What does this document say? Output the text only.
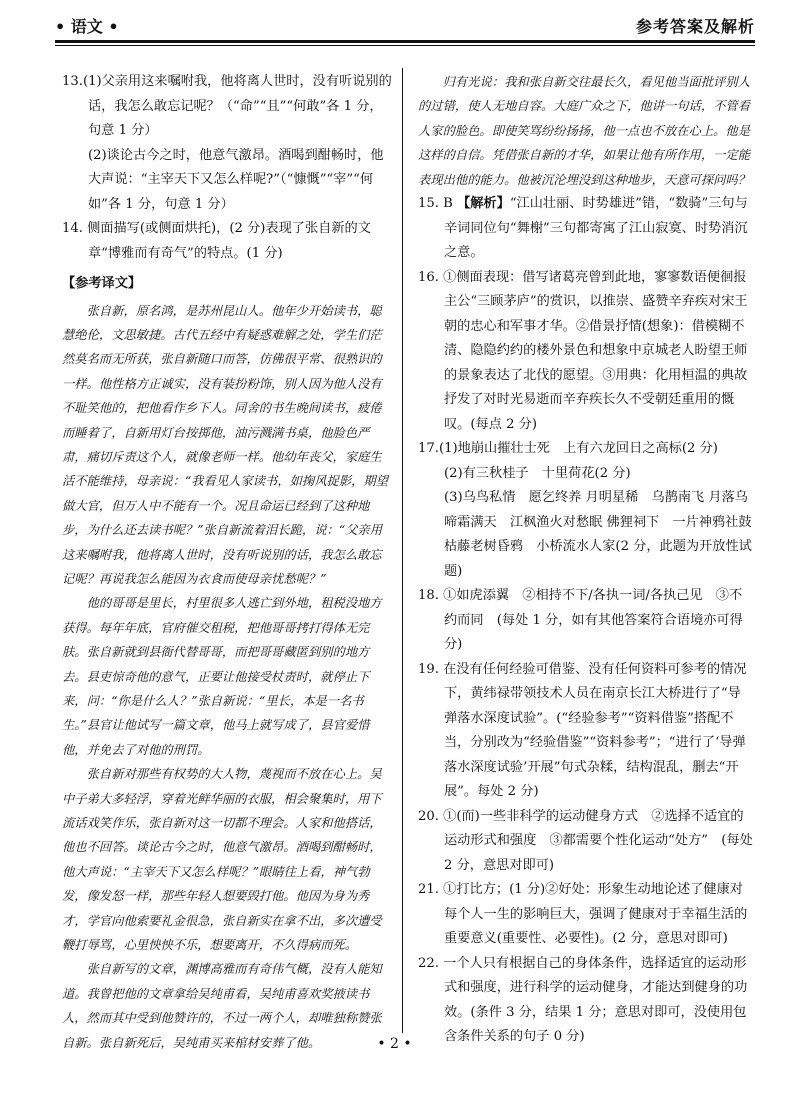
• 语文 •	参考答案及解析

13.(1)父亲用这来嘱咐我，他将离人世时，没有听说别的话，我怎么敢忘记呢？（“命”“且”“何敢”各 1 分，句意 1 分）

(2)谈论古今之时，他意气激昂。酒喝到酣畅时，他大声说：“主宰天下又怎么样呢?”（“慷慨”“宰”“何如”各 1 分，句意 1 分）

14. 侧面描写(或侧面烘托)，(2 分)表现了张自新的文章“博雅而有奇气”的特点。(1 分)

【参考译文】

张自新，原名鸿，是苏州昆山人。他年少开始读书，聪慧绝伦，文思敏捷。古代五经中有疑惑难解之处，学生们茫然莫名而无所获，张自新随口而答，仿佛很平常、很熟识的一样。他性格方正诚实，没有装扮粉饰，别人因为他人没有不耻笑他的，把他看作乡下人。同舍的书生晚间读书，疲倦而睡着了，自新用灯台按掷他，油污溅满书桌，他脸色严肃，痛切斥责这个人，就像老师一样。他幼年丧父，家庭生活不能维持，母亲说：“我看见人家读书，如掬风捉影，期望做大官，但万人中不能有一个。况且命运已经到了这种地步，为什么还去读书呢？”张自新流着泪长跪，说：“父亲用这来嘱咐我，他将离人世时，没有听说别的话，我怎么敢忘记呢？再说我怎么能因为衣食而使母亲忧愁呢？”

他的哥哥是里长，村里很多人逃亡到外地，租税没地方获得。每年年底，官府催交租税，把他哥哥拷打得体无完肤。张自新就到县衙代替哥哥，而把哥哥藏匿到别的地方去。县吏惊奇他的意气，正要让他接受杖责时，就停止下来，问：“你是什么人？”张自新说：“里长，本是一名书生。”县官让他试写一篇文章，他马上就写成了，县官爱惜他，并免去了对他的刑罚。

张自新对那些有权势的大人物，蔑视而不放在心上。吴中子弟大多轻浮，穿着光鲜华丽的衣服，相会聚集时，用下流话戏笑作乐，张自新对这一切都不理会。人家和他搭话，他也不回答。谈论古今之时，他意气激昂。酒喝到酣畅时，他大声说：“主宰天下又怎么样呢？”眼睛往上看，神气勃发，像发怒一样，那些年轻人想要毁打他。他因为身为秀才，学官向他索要礼金很急，张自新实在拿不出，多次遭受鞭打辱骂，心里怏怏不乐，想要离开，不久得病而死。

张自新写的文章，渊博高雅而有奇伟气概，没有人能知道。我曾把他的文章拿给吴纯甫看，吴纯甫喜欢奖掖读书人，然而其中受到他赞许的，不过一两个人，却唯独称赞张自新。张自新死后，吴纯甫买来棺材安葬了他。

归有光说：我和张自新交往最长久，看见他当面批评别人的过错，使人无地自容。大庭广众之下，他讲一句话，不管看人家的脸色。即使笑骂纷纷扬扬，他一点也不放在心上。他是这样的自信。凭借张自新的才华，如果让他有所作用，一定能表现出他的能力。他被沉沦埋没到这种地步，天意可探问吗？

15. B 【解析】“江山壮丽、时势雄迸”错，“数骑”三句与辛词同位句“舞榭”三句都寄寓了江山寂寞、时势消沉之意。

16. ①侧面表现：借写诸葛亮曾到此地，寥寥数语便徊报主公“三顾茅庐”的赏识，以推崇、盛赞辛弃疾对宋王朝的忠心和军事才华。②借景抒情(想象)：借模糊不清、隐隐约约的楼外景色和想象中京城老人盼望王师的景象表达了北伐的愿望。③用典：化用桓温的典故抒发了对时光易逝而辛弃疾长久不受朝廷重用的慨叹。(每点 2 分)

17.(1)地崩山摧壮士死　上有六龙回日之高标(2 分)

(2)有三秋桂子　十里荷花(2 分)

(3)乌鸟私情　愿乞终养 月明星稀　乌鹊南飞 月落乌啼霜满天　江枫渔火对愁眠 佛狸祠下　一片神鸦社鼓 枯藤老树昏鸦　小桥流水人家(2 分，此题为开放性试题)

18. ①如虎添翼　②相持不下/各执一词/各执己见　③不约而同　(每处 1 分，如有其他答案符合语境亦可得分)

19. 在没有任何经验可借鉴、没有任何资料可参考的情况下，黄纬禄带领技术人员在南京长江大桥进行了“导弹落水深度试验”。(“经验参考”“资料借鉴”搭配不当，分别改为“经验借鉴”“资料参考”；“进行了‘导弹落水深度试验’开展”句式杂糅，结构混乱，删去“开展”。每处 2 分)

20. ①(而)一些非科学的运动健身方式　②选择不适宜的运动形式和强度　③都需要个性化运动“处方”　(每处 2 分，意思对即可)

21. ①打比方；(1 分)②好处：形象生动地论述了健康对每个人一生的影响巨大，强调了健康对于幸福生活的重要意义(重要性、必要性)。(2 分，意思对即可)

22. 一个人只有根据自己的身体条件，选择适宜的运动形式和强度，进行科学的运动健身，才能达到健身的功效。(条件 3 分，结果 1 分；意思对即可，没使用包含条件关系的句子 0 分)

• 2 •
